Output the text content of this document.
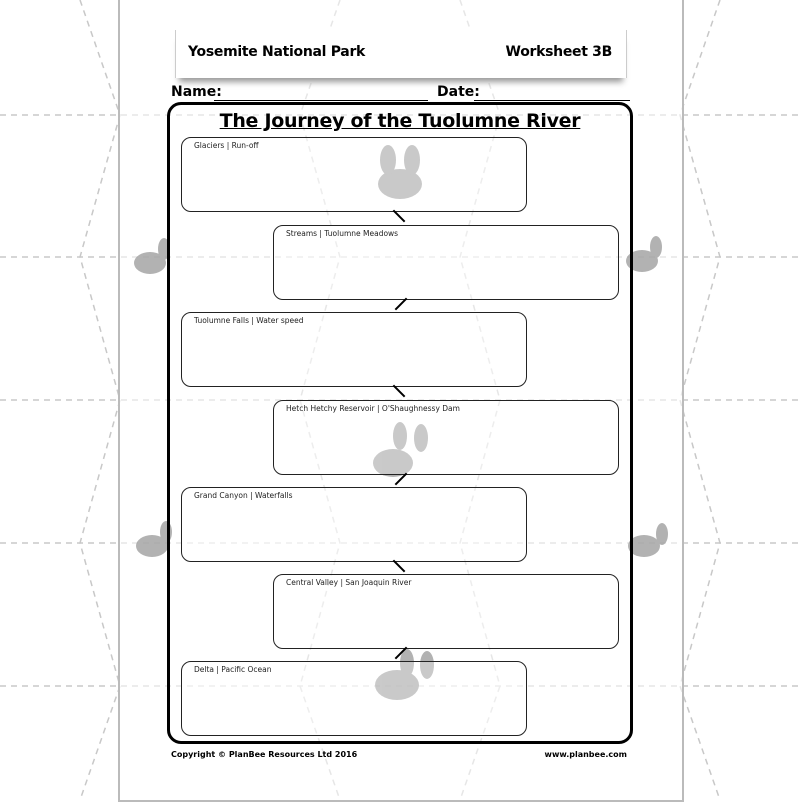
Yosemite National Park	Worksheet 3B
Name:	Date:
The Journey of the Tuolumne River
Glaciers | Run-off
Streams | Tuolumne Meadows
Tuolumne Falls | Water speed
Hetch Hetchy Reservoir | O'Shaughnessy Dam
Grand Canyon | Waterfalls
Central Valley | San Joaquin River
Delta | Pacific Ocean
Copyright © PlanBee Resources Ltd 2016	www.planbee.com
